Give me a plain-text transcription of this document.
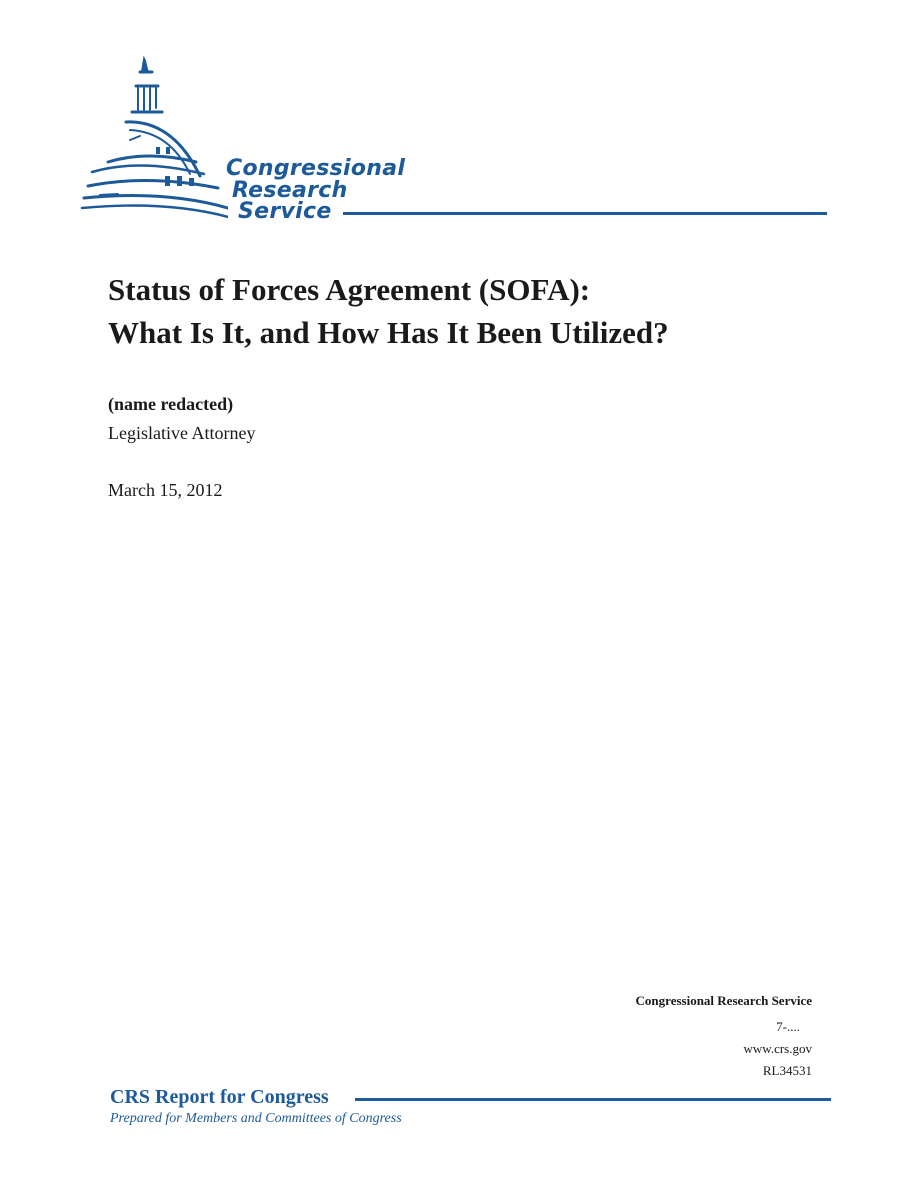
Congressional
Research
Service
Status of Forces Agreement (SOFA):
What Is It, and How Has It Been Utilized?
(name redacted)
Legislative Attorney
March 15, 2012
Congressional Research Service
7-....
www.crs.gov
RL34531
CRS Report for Congress
Prepared for Members and Committees of Congress
